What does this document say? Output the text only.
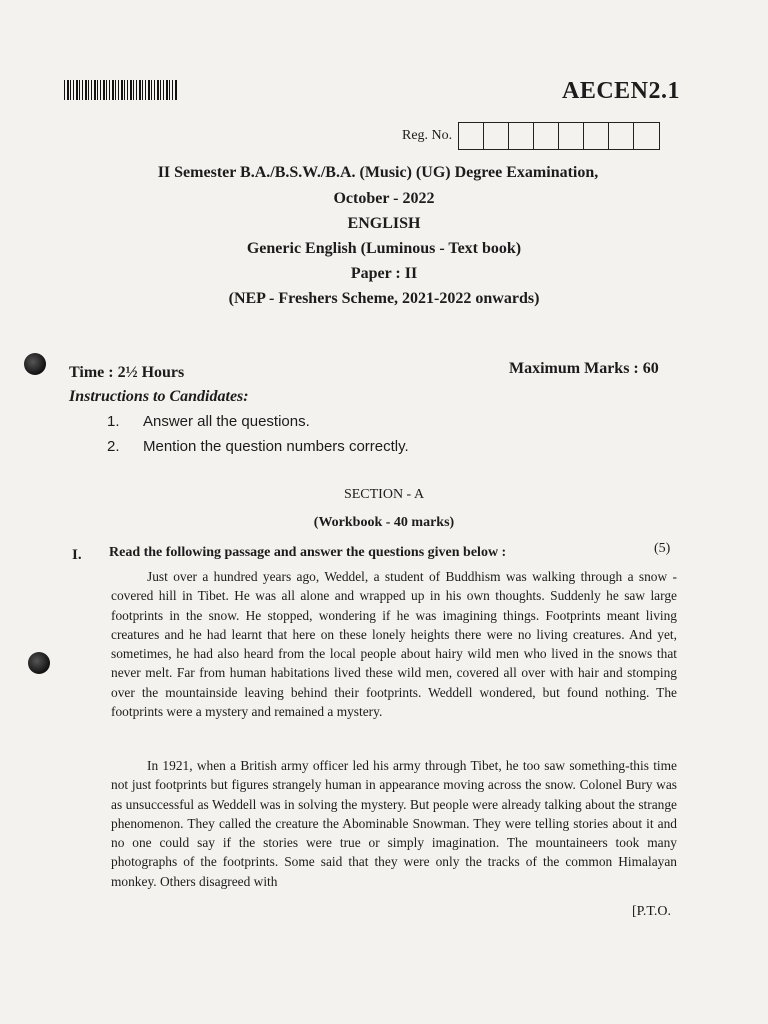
AECEN2.1
Reg. No.
II Semester B.A./B.S.W./B.A. (Music) (UG) Degree Examination,
October - 2022
ENGLISH
Generic English (Luminous - Text book)
Paper : II
(NEP - Freshers Scheme, 2021-2022 onwards)
Time : 2½ Hours	Maximum Marks : 60
Instructions to Candidates:
1. Answer all the questions.
2. Mention the question numbers correctly.
SECTION - A
(Workbook - 40 marks)
I. Read the following passage and answer the questions given below :	(5)

Just over a hundred years ago, Weddel, a student of Buddhism was walking through a snow - covered hill in Tibet. He was all alone and wrapped up in his own thoughts. Suddenly he saw large footprints in the snow. He stopped, wondering if he was imagining things. Footprints meant living creatures and he had learnt that here on these lonely heights there were no living creatures. And yet, sometimes, he had also heard from the local people about hairy wild men who lived in the snows that never melt. Far from human habitations lived these wild men, covered all over with hair and stomping over the mountainside leaving behind their footprints. Weddell wondered, but found nothing. The footprints were a mystery and remained a mystery.

In 1921, when a British army officer led his army through Tibet, he too saw something-this time not just footprints but figures strangely human in appearance moving across the snow. Colonel Bury was as unsuccessful as Weddell was in solving the mystery. But people were already talking about the strange phenomenon. They called the creature the Abominable Snowman. They were telling stories about it and no one could say if the stories were true or simply imagination. The mountaineers took many photographs of the footprints. Some said that they were only the tracks of the common Himalayan monkey. Others disagreed with

[P.T.O.
